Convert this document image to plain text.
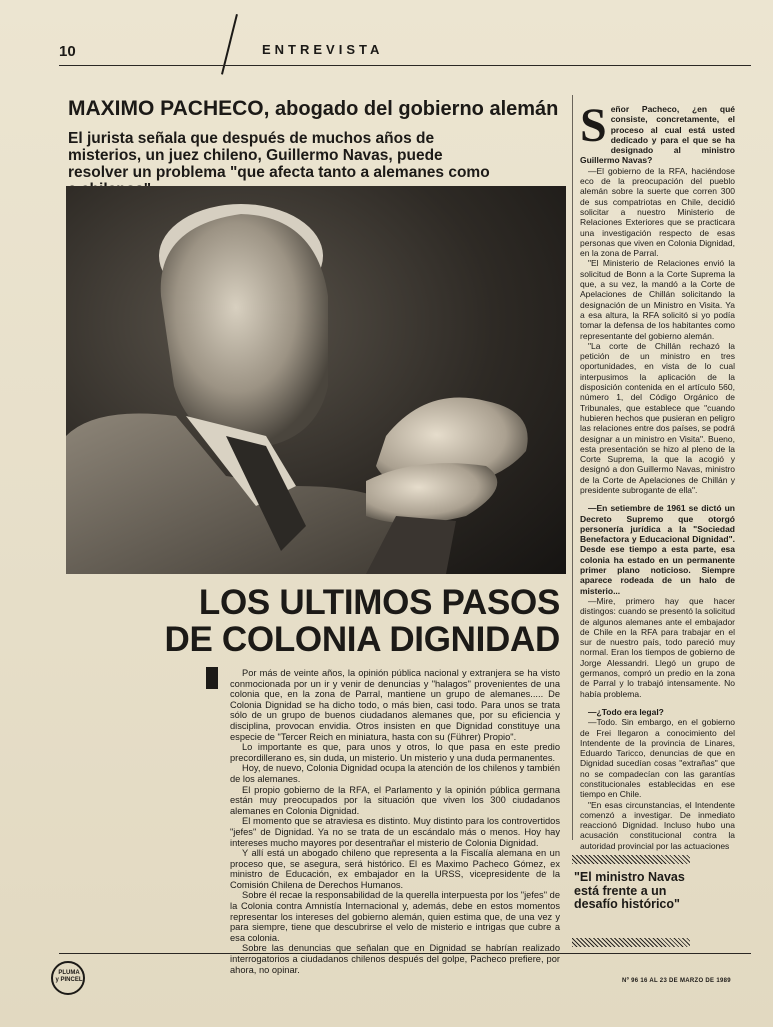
10	ENTREVISTA
MAXIMO PACHECO, abogado del gobierno alemán
El jurista señala que después de muchos años de misterios, un juez chileno, Guillermo Navas, puede resolver un problema "que afecta tanto a alemanes como
LOS ULTIMOS PASOS
DE COLONIA DIGNIDAD

Por más de veinte años, la opinión pública nacional y extranjera se ha visto conmocionada por un ir y venir de denuncias y "halagos" provenientes de una colonia que, en la zona de Parral, mantiene un grupo de alemanes..... De Colonia Dignidad se ha dicho todo, o más bien, casi todo. Para unos se trata sólo de un grupo de buenos ciudadanos alemanes que, por su eficiencia y disciplina, provocan envidia. Otros insisten en que Dignidad constituye una especie de "Tercer Reich en miniatura, hasta con su (Führer) Propio".

Lo importante es que, para unos y otros, lo que pasa en este predio precordillerano es, sin duda, un misterio. Un misterio y una duda permanentes.

Hoy, de nuevo, Colonia Dignidad ocupa la atención de los chilenos y también de los alemanes.

El propio gobierno de la RFA, el Parlamento y la opinión pública germana están muy preocupados por la situación que viven los 300 ciudadanos alemanes en Colonia Dignidad.

El momento que se atraviesa es distinto. Muy distinto para los controvertidos "jefes" de Dignidad. Ya no se trata de un escándalo más o menos. Hoy hay intereses mucho mayores por desentrañar el misterio de Colonia Dignidad.

Y allí está un abogado chileno que representa a la Fiscalía alemana en un proceso que, se asegura, será histórico. El es Maximo Pacheco Gómez, ex ministro de Educación, ex embajador en la URSS, vicepresidente de la Comisión Chilena de Derechos Humanos.

Sobre él recae la responsabilidad de la querella interpuesta por los "jefes" de la Colonia contra Amnistía Internacional y, además, debe en estos momentos representar los intereses del gobierno alemán, quien estima que, de una vez y para siempre, tiene que descubrirse el velo de misterio e intrigas que cubre a esa colonia.

Sobre las denuncias que señalan que en Dignidad se habrían realizado interrogatorios a ciudadanos chilenos después del golpe, Pacheco prefiere, por ahora, no opinar.

Señor Pacheco, ¿en qué consiste, concretamente, el proceso al cual está usted dedicado y para el que se ha designado al ministro Guillermo Navas?

—El gobierno de la RFA, haciéndose eco de la preocupación del pueblo alemán sobre la suerte que corren 300 de sus compatriotas en Chile, decidió solicitar a nuestro Ministerio de Relaciones Exteriores que se practicara una investigación respecto de esas personas que viven en Colonia Dignidad, en la zona de Parral.

"El Ministerio de Relaciones envió la solicitud de Bonn a la Corte Suprema la que, a su vez, la mandó a la Corte de Apelaciones de Chillán solicitando la designación de un Ministro en Visita. Ya a esa altura, la RFA solicitó si yo podía tomar la defensa de los habitantes como representante del gobierno alemán.

"La corte de Chillán rechazó la petición de un ministro en tres oportunidades, en vista de lo cual interpusimos la aplicación de la disposición contenida en el artículo 560, número 1, del Código Orgánico de Tribunales, que establece que "cuando hubieren hechos que pusieran en peligro las relaciones entre dos países, se podrá designar a un ministro en Visita". Bueno, esta presentación se hizo al pleno de la Corte Suprema, la que la acogió y designó a don Guillermo Navas, ministro de la Corte de Apelaciones de Chillán y presidente subrogante de ella".

—En setiembre de 1961 se dictó un Decreto Supremo que otorgó personería jurídica a la "Sociedad Benefactora y Educacional Dignidad". Desde ese tiempo a esta parte, esa colonia ha estado en un permanente primer plano noticioso. Siempre aparece rodeada de un halo de misterio...

—Mire, primero hay que hacer distingos: cuando se presentó la solicitud de algunos alemanes ante el embajador de Chile en la RFA para trabajar en el sur de nuestro país, todo pareció muy normal. Eran los tiempos de gobierno de Jorge Alessandri. Llegó un grupo de germanos, compró un predio en la zona de Parral y lo trabajó intensamente. No había problema.

—¿Todo era legal?

—Todo. Sin embargo, en el gobierno de Frei llegaron a conocimiento del Intendente de la provincia de Linares, Eduardo Taricco, denuncias de que en Dignidad sucedían cosas "extrañas" que no se compadecían con las garantías constitucionales establecidas en ese tiempo en Chile.

"En esas circunstancias, el Intendente comenzó a investigar. De inmediato reaccionó Dignidad. Incluso hubo una acusación constitucional contra la autoridad provincial por las actuaciones

"El ministro Navas está frente a un desafío histórico"
PLUMA
y PINCEL	Nº 96 16 AL 23 DE MARZO DE 1989
